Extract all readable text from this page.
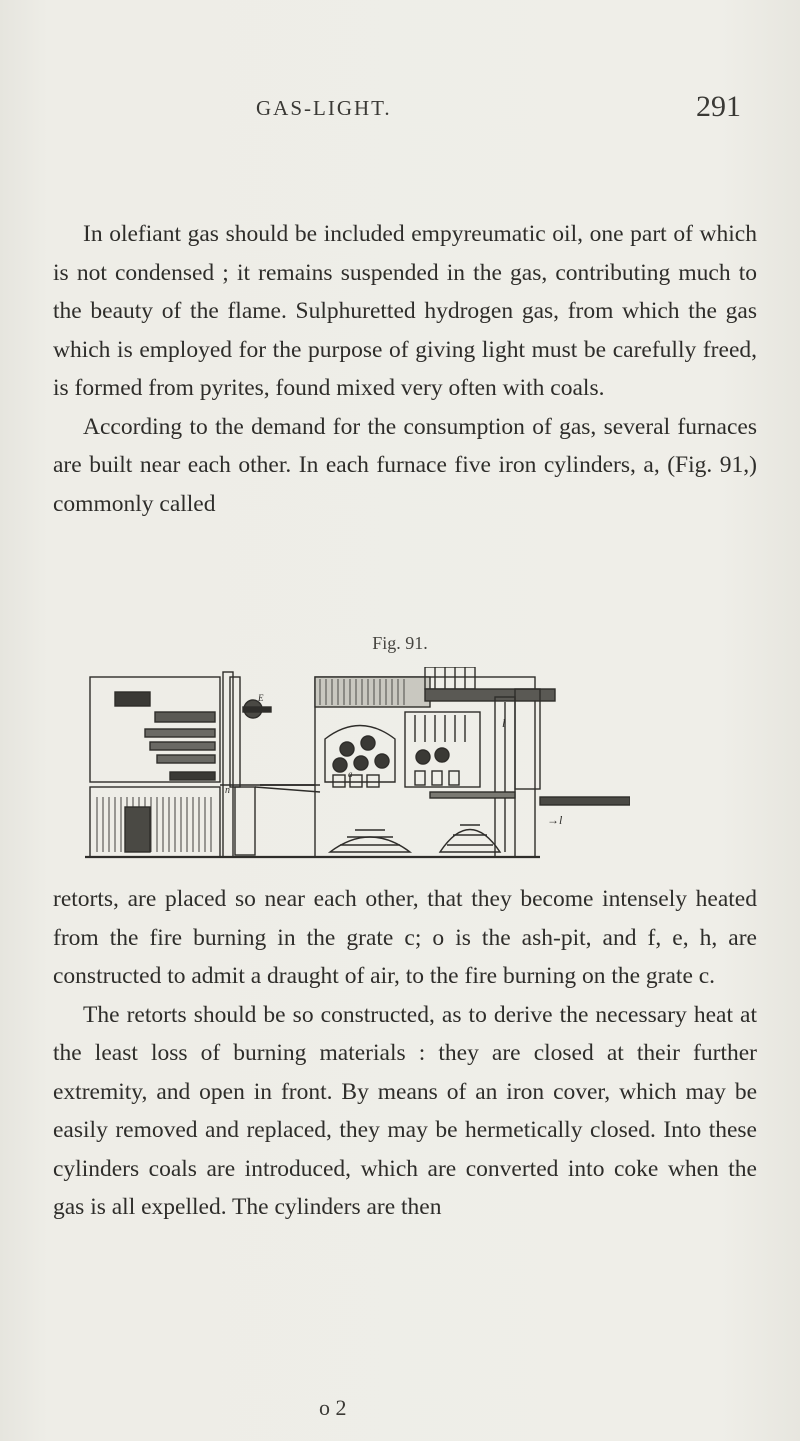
GAS-LIGHT.	291

In olefiant gas should be included empyreumatic oil, one part of which is not condensed ; it remains suspended in the gas, contributing much to the beauty of the flame. Sulphuretted hydrogen gas, from which the gas which is employed for the purpose of giving light must be carefully freed, is formed from pyrites, found mixed very often with coals.

According to the demand for the consumption of gas, several furnaces are built near each other. In each furnace five iron cylinders, a, (Fig. 91,) commonly called

Fig. 91.
E
n
l
a
→l

retorts, are placed so near each other, that they become intensely heated from the fire burning in the grate c; o is the ash-pit, and f, e, h, are constructed to admit a draught of air, to the fire burning on the grate c.

The retorts should be so constructed, as to derive the necessary heat at the least loss of burning materials : they are closed at their further extremity, and open in front. By means of an iron cover, which may be easily removed and replaced, they may be hermetically closed. Into these cylinders coals are introduced, which are converted into coke when the gas is all expelled. The cylinders are then

o 2
